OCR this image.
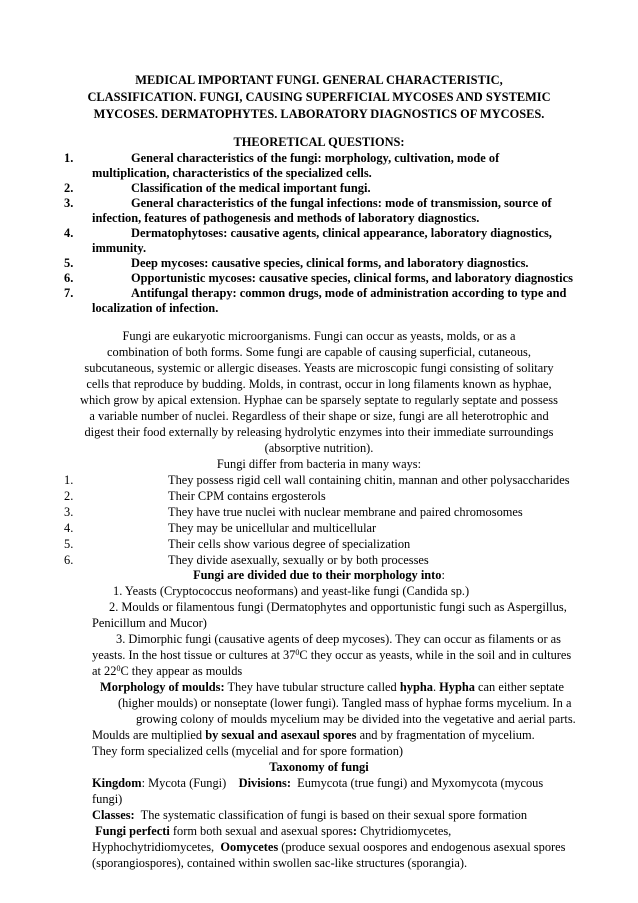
MEDICAL IMPORTANT FUNGI. GENERAL CHARACTERISTIC,
CLASSIFICATION. FUNGI, CAUSING SUPERFICIAL MYCOSES AND SYSTEMIC
MYCOSES. DERMATOPHYTES. LABORATORY DIAGNOSTICS OF MYCOSES.
THEORETICAL QUESTIONS:
1.	General characteristics of the fungi: morphology, cultivation, mode of
multiplication, characteristics of the specialized cells.
2.	Classification of the medical important fungi.
3.	General characteristics of the fungal infections: mode of transmission, source of
infection, features of pathogenesis and methods of laboratory diagnostics.
4.	Dermatophytoses: causative agents, clinical appearance, laboratory diagnostics,
immunity.
5.	Deep mycoses: causative species, clinical forms, and laboratory diagnostics.
6.	Opportunistic mycoses: causative species, clinical forms, and laboratory diagnostics
7.	Antifungal therapy: common drugs, mode of administration according to type and
localization of infection.
Fungi are eukaryotic microorganisms. Fungi can occur as yeasts, molds, or as a
combination of both forms. Some fungi are capable of causing superficial, cutaneous,
subcutaneous, systemic or allergic diseases. Yeasts are microscopic fungi consisting of solitary
cells that reproduce by budding. Molds, in contrast, occur in long filaments known as hyphae,
which grow by apical extension. Hyphae can be sparsely septate to regularly septate and possess
a variable number of nuclei. Regardless of their shape or size, fungi are all heterotrophic and
digest their food externally by releasing hydrolytic enzymes into their immediate surroundings
(absorptive nutrition).
Fungi differ from bacteria in many ways:
1.	They possess rigid cell wall containing chitin, mannan and other polysaccharides
2.	Their CPM contains ergosterols
3.	They have true nuclei with nuclear membrane and paired chromosomes
4.	They may be unicellular and multicellular
5.	Their cells show various degree of specialization
6.	They divide asexually, sexually or by both processes
Fungi are divided due to their morphology into:
1. Yeasts (Cryptococcus neoformans) and yeast-like fungi (Candida sp.)
2. Moulds or filamentous fungi (Dermatophytes and opportunistic fungi such as Aspergillus,
Penicillum and Mucor)
3. Dimorphic fungi (causative agents of deep mycoses). They can occur as filaments or as
yeasts. In the host tissue or cultures at $37^0C$ they occur as yeasts, while in the soil and in cultures
at $22^0C$ they appear as moulds
Morphology of moulds: They have tubular structure called hypha. Hypha can either septate
(higher moulds) or nonseptate (lower fungi). Tangled mass of hyphae forms mycelium. In a
growing colony of moulds mycelium may be divided into the vegetative and aerial parts.
Moulds are multiplied by sexual and asexaul spores and by fragmentation of mycelium.
They form specialized cells (mycelial and for spore formation)
Taxonomy of fungi
Kingdom: Mycota (Fungi)    Divisions:  Eumycota (true fungi) and Myxomycota (mycous
fungi)
Classes:  The systematic classification of fungi is based on their sexual spore formation
Fungi perfecti form both sexual and asexual spores: Chytridiomycetes,
Hyphochytridiomycetes,  Oomycetes (produce sexual oospores and endogenous asexual spores
(sporangiospores), contained within swollen sac-like structures (sporangia).
